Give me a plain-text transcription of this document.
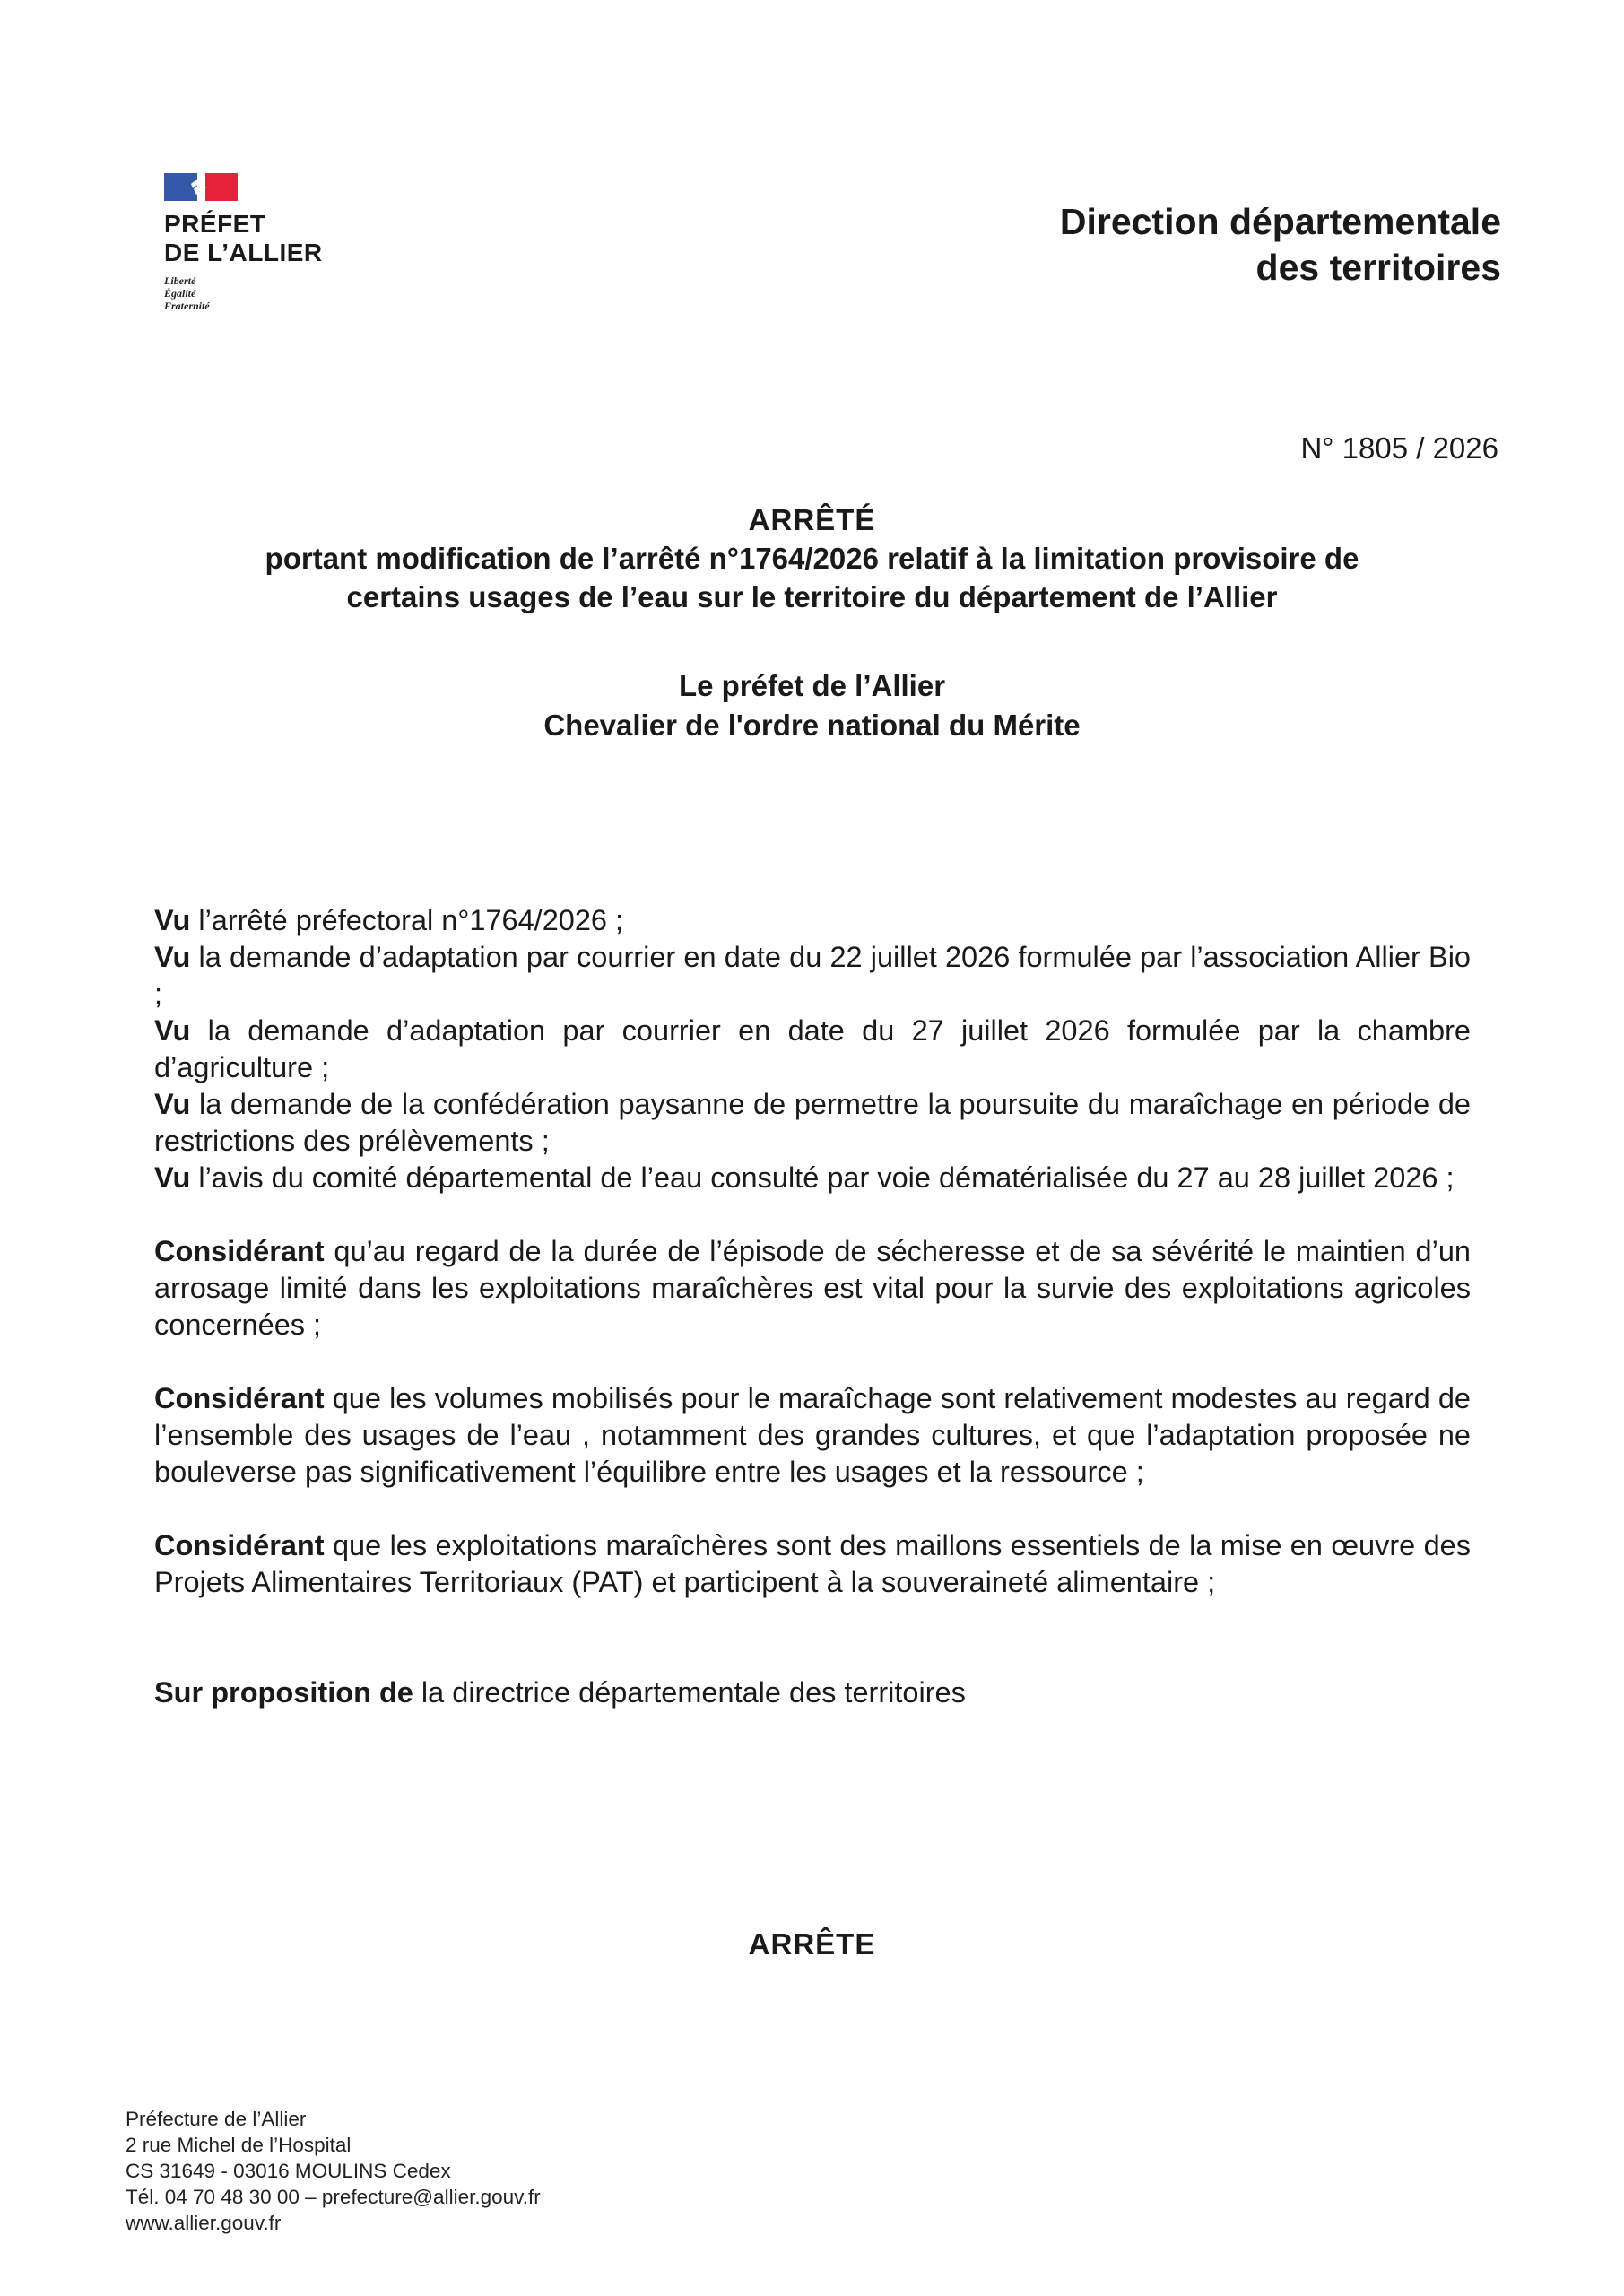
PRÉFET
DE L’ALLIER
Liberté
Égalité
Fraternité
Direction départementale
des territoires
N° 1805 / 2026
ARRÊTÉ
portant modification de l’arrêté n°1764/2026 relatif à la limitation provisoire de
certains usages de l’eau sur le territoire du département de l’Allier
Le préfet de l’Allier
Chevalier de l'ordre national du Mérite

Vu l’arrêté préfectoral n°1764/2026 ;

Vu la demande d’adaptation par courrier en date du 22 juillet 2026 formulée par l’association Allier Bio ;

Vu la demande d’adaptation par courrier en date du 27 juillet 2026 formulée par la chambre d’agriculture ;

Vu la demande de la confédération paysanne de permettre la poursuite du maraîchage en période de restrictions des prélèvements ;

Vu l’avis du comité départemental de l’eau consulté par voie dématérialisée du 27 au 28 juillet 2026 ;

Considérant qu’au regard de la durée de l’épisode de sécheresse et de sa sévérité le maintien d’un arrosage limité dans les exploitations maraîchères est vital pour la survie des exploitations agricoles concernées ;

Considérant que les volumes mobilisés pour le maraîchage sont relativement modestes au regard de l’ensemble des usages de l’eau , notamment des grandes cultures, et que l’adaptation proposée ne bouleverse pas significativement l’équilibre entre les usages et la ressource ;

Considérant que les exploitations maraîchères sont des maillons essentiels de la mise en œuvre des Projets Alimentaires Territoriaux (PAT) et participent à la souveraineté alimentaire ;

Sur proposition de la directrice départementale des territoires

ARRÊTE
Préfecture de l’Allier
2 rue Michel de l’Hospital
CS 31649 - 03016 MOULINS Cedex
Tél. 04 70 48 30 00 – prefecture@allier.gouv.fr
www.allier.gouv.fr
